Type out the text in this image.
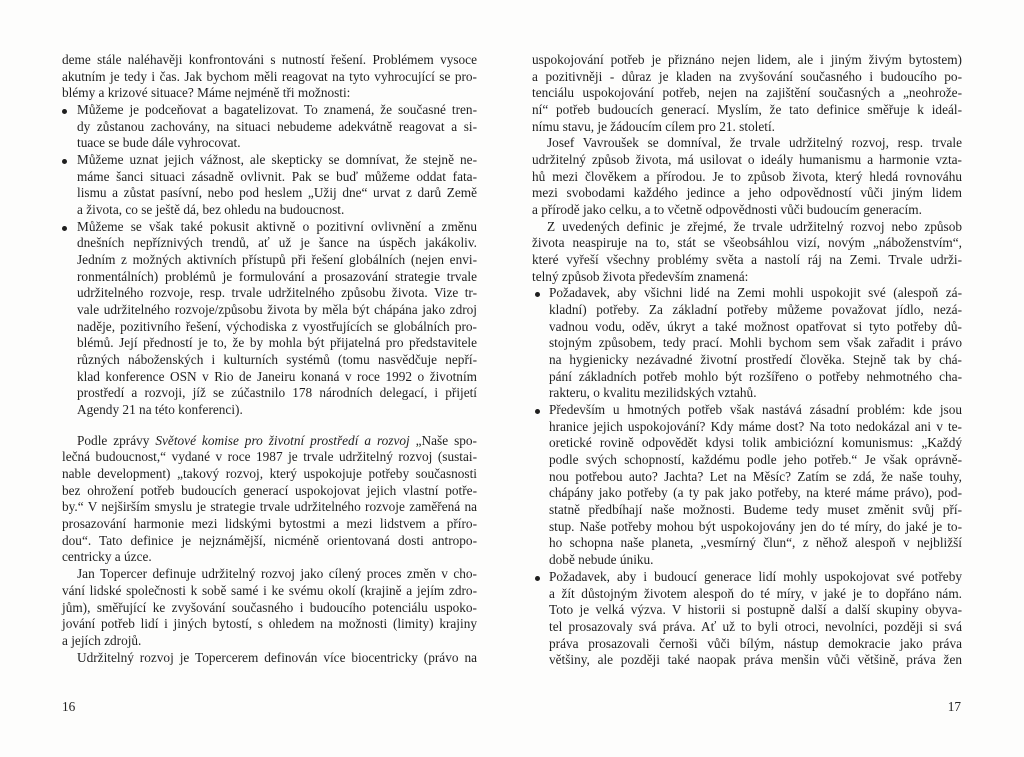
deme stále naléhavěji konfrontováni s nutností řešení. Problémem vysoce
akutním je tedy i čas. Jak bychom měli reagovat na tyto vyhrocující se pro-
blémy a krizové situace? Máme nejméně tři možnosti:
Můžeme je podceňovat a bagatelizovat. To znamená, že současné tren-
dy zůstanou zachovány, na situaci nebudeme adekvátně reagovat a si-
tuace se bude dále vyhrocovat.
Můžeme uznat jejich vážnost, ale skepticky se domnívat, že stejně ne-
máme šanci situaci zásadně ovlivnit. Pak se buď můžeme oddat fata-
lismu a zůstat pasívní, nebo pod heslem „Užij dne“ urvat z darů Země
a života, co se ještě dá, bez ohledu na budoucnost.
Můžeme se však také pokusit aktivně o pozitivní ovlivnění a změnu
dnešních nepříznivých trendů, ať už je šance na úspěch jakákoliv.
Jedním z možných aktivních přístupů při řešení globálních (nejen envi-
ronmentálních) problémů je formulování a prosazování strategie trvale
udržitelného rozvoje, resp. trvale udržitelného způsobu života. Vize tr-
vale udržitelného rozvoje/způsobu života by měla být chápána jako zdroj
naděje, pozitivního řešení, východiska z vyostřujících se globálních pro-
blémů. Její předností je to, že by mohla být přijatelná pro představitele
různých náboženských i kulturních systémů (tomu nasvědčuje nepří-
klad konference OSN v Rio de Janeiru konaná v roce 1992 o životním
prostředí a rozvoji, jíž se zúčastnilo 178 národních delegací, i přijetí
Agendy 21 na této konferenci).
Podle zprávy Světové komise pro životní prostředí a rozvoj „Naše spo-
lečná budoucnost,“ vydané v roce 1987 je trvale udržitelný rozvoj (sustai-
nable development) „takový rozvoj, který uspokojuje potřeby současnosti
bez ohrožení potřeb budoucích generací uspokojovat jejich vlastní potře-
by.“ V nejširším smyslu je strategie trvale udržitelného rozvoje zaměřená na
prosazování harmonie mezi lidskými bytostmi a mezi lidstvem a příro-
dou“. Tato definice je nejznámější, nicméně orientovaná dosti antropo-
centricky a úzce.
Jan Topercer definuje udržitelný rozvoj jako cílený proces změn v cho-
vání lidské společnosti k sobě samé i ke svému okolí (krajině a jejím zdro-
jům), směřující ke zvyšování současného i budoucího potenciálu uspoko-
jování potřeb lidí i jiných bytostí, s ohledem na možnosti (limity) krajiny
a jejích zdrojů.
Udržitelný rozvoj je Topercerem definován více biocentricky (právo na
16
uspokojování potřeb je přiznáno nejen lidem, ale i jiným živým bytostem)
a pozitivněji - důraz je kladen na zvyšování současného i budoucího po-
tenciálu uspokojování potřeb, nejen na zajištění současných a „neohrože-
ní“ potřeb budoucích generací. Myslím, že tato definice směřuje k ideál-
nímu stavu, je žádoucím cílem pro 21. století.
Josef Vavroušek se domníval, že trvale udržitelný rozvoj, resp. trvale
udržitelný způsob života, má usilovat o ideály humanismu a harmonie vzta-
hů mezi člověkem a přírodou. Je to způsob života, který hledá rovnováhu
mezi svobodami každého jedince a jeho odpovědností vůči jiným lidem
a přírodě jako celku, a to včetně odpovědnosti vůči budoucím generacím.
Z uvedených definic je zřejmé, že trvale udržitelný rozvoj nebo způsob
života neaspiruje na to, stát se všeobsáhlou vizí, novým „náboženstvím“,
které vyřeší všechny problémy světa a nastolí ráj na Zemi. Trvale udrži-
telný způsob života především znamená:
Požadavek, aby všichni lidé na Zemi mohli uspokojit své (alespoň zá-
kladní) potřeby. Za základní potřeby můžeme považovat jídlo, nezá-
vadnou vodu, oděv, úkryt a také možnost opatřovat si tyto potřeby dů-
stojným způsobem, tedy prací. Mohli bychom sem však zařadit i právo
na hygienicky nezávadné životní prostředí člověka. Stejně tak by chá-
pání základních potřeb mohlo být rozšířeno o potřeby nehmotného cha-
rakteru, o kvalitu mezilidských vztahů.
Především u hmotných potřeb však nastává zásadní problém: kde jsou
hranice jejich uspokojování? Kdy máme dost? Na toto nedokázal ani v te-
oretické rovině odpovědět kdysi tolik ambiciózní komunismus: „Každý
podle svých schopností, každému podle jeho potřeb.“ Je však oprávně-
nou potřebou auto? Jachta? Let na Měsíc? Zatím se zdá, že naše touhy,
chápány jako potřeby (a ty pak jako potřeby, na které máme právo), pod-
statně předbíhají naše možnosti. Budeme tedy muset změnit svůj pří-
stup. Naše potřeby mohou být uspokojovány jen do té míry, do jaké je to-
ho schopna naše planeta, „vesmírný člun“, z něhož alespoň v nejbližší
době nebude úniku.
Požadavek, aby i budoucí generace lidí mohly uspokojovat své potřeby
a žít důstojným životem alespoň do té míry, v jaké je to dopřáno nám.
Toto je velká výzva. V historii si postupně další a další skupiny obyva-
tel prosazovaly svá práva. Ať už to byli otroci, nevolníci, později si svá
práva prosazovali černoši vůči bílým, nástup demokracie jako práva
většiny, ale později také naopak práva menšin vůči většině, práva žen
17
